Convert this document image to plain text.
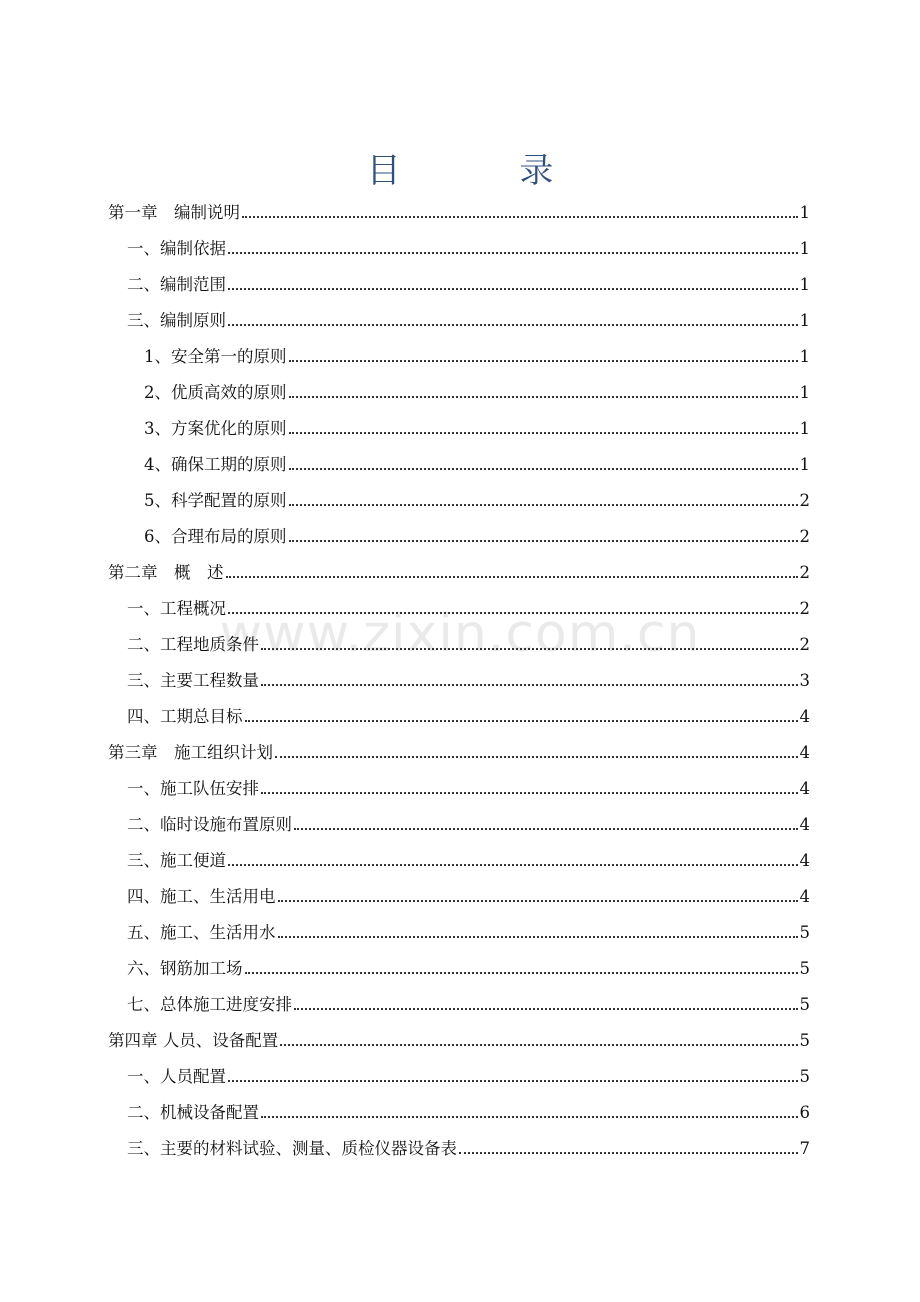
目 录
www.zixin.com.cn
第一章　编制说明	1
一、编制依据	1
二、编制范围	1
三、编制原则	1
1、安全第一的原则	1
2、优质高效的原则	1
3、方案优化的原则	1
4、确保工期的原则	1
5、科学配置的原则	2
6、合理布局的原则	2
第二章　概　述	2
一、工程概况	2
二、工程地质条件	2
三、主要工程数量	3
四、工期总目标	4
第三章　施工组织计划	4
一、施工队伍安排	4
二、临时设施布置原则	4
三、施工便道	4
四、施工、生活用电	4
五、施工、生活用水	5
六、钢筋加工场	5
七、总体施工进度安排	5
第四章 人员、设备配置	5
一、人员配置	5
二、机械设备配置	6
三、主要的材料试验、测量、质检仪器设备表	7
